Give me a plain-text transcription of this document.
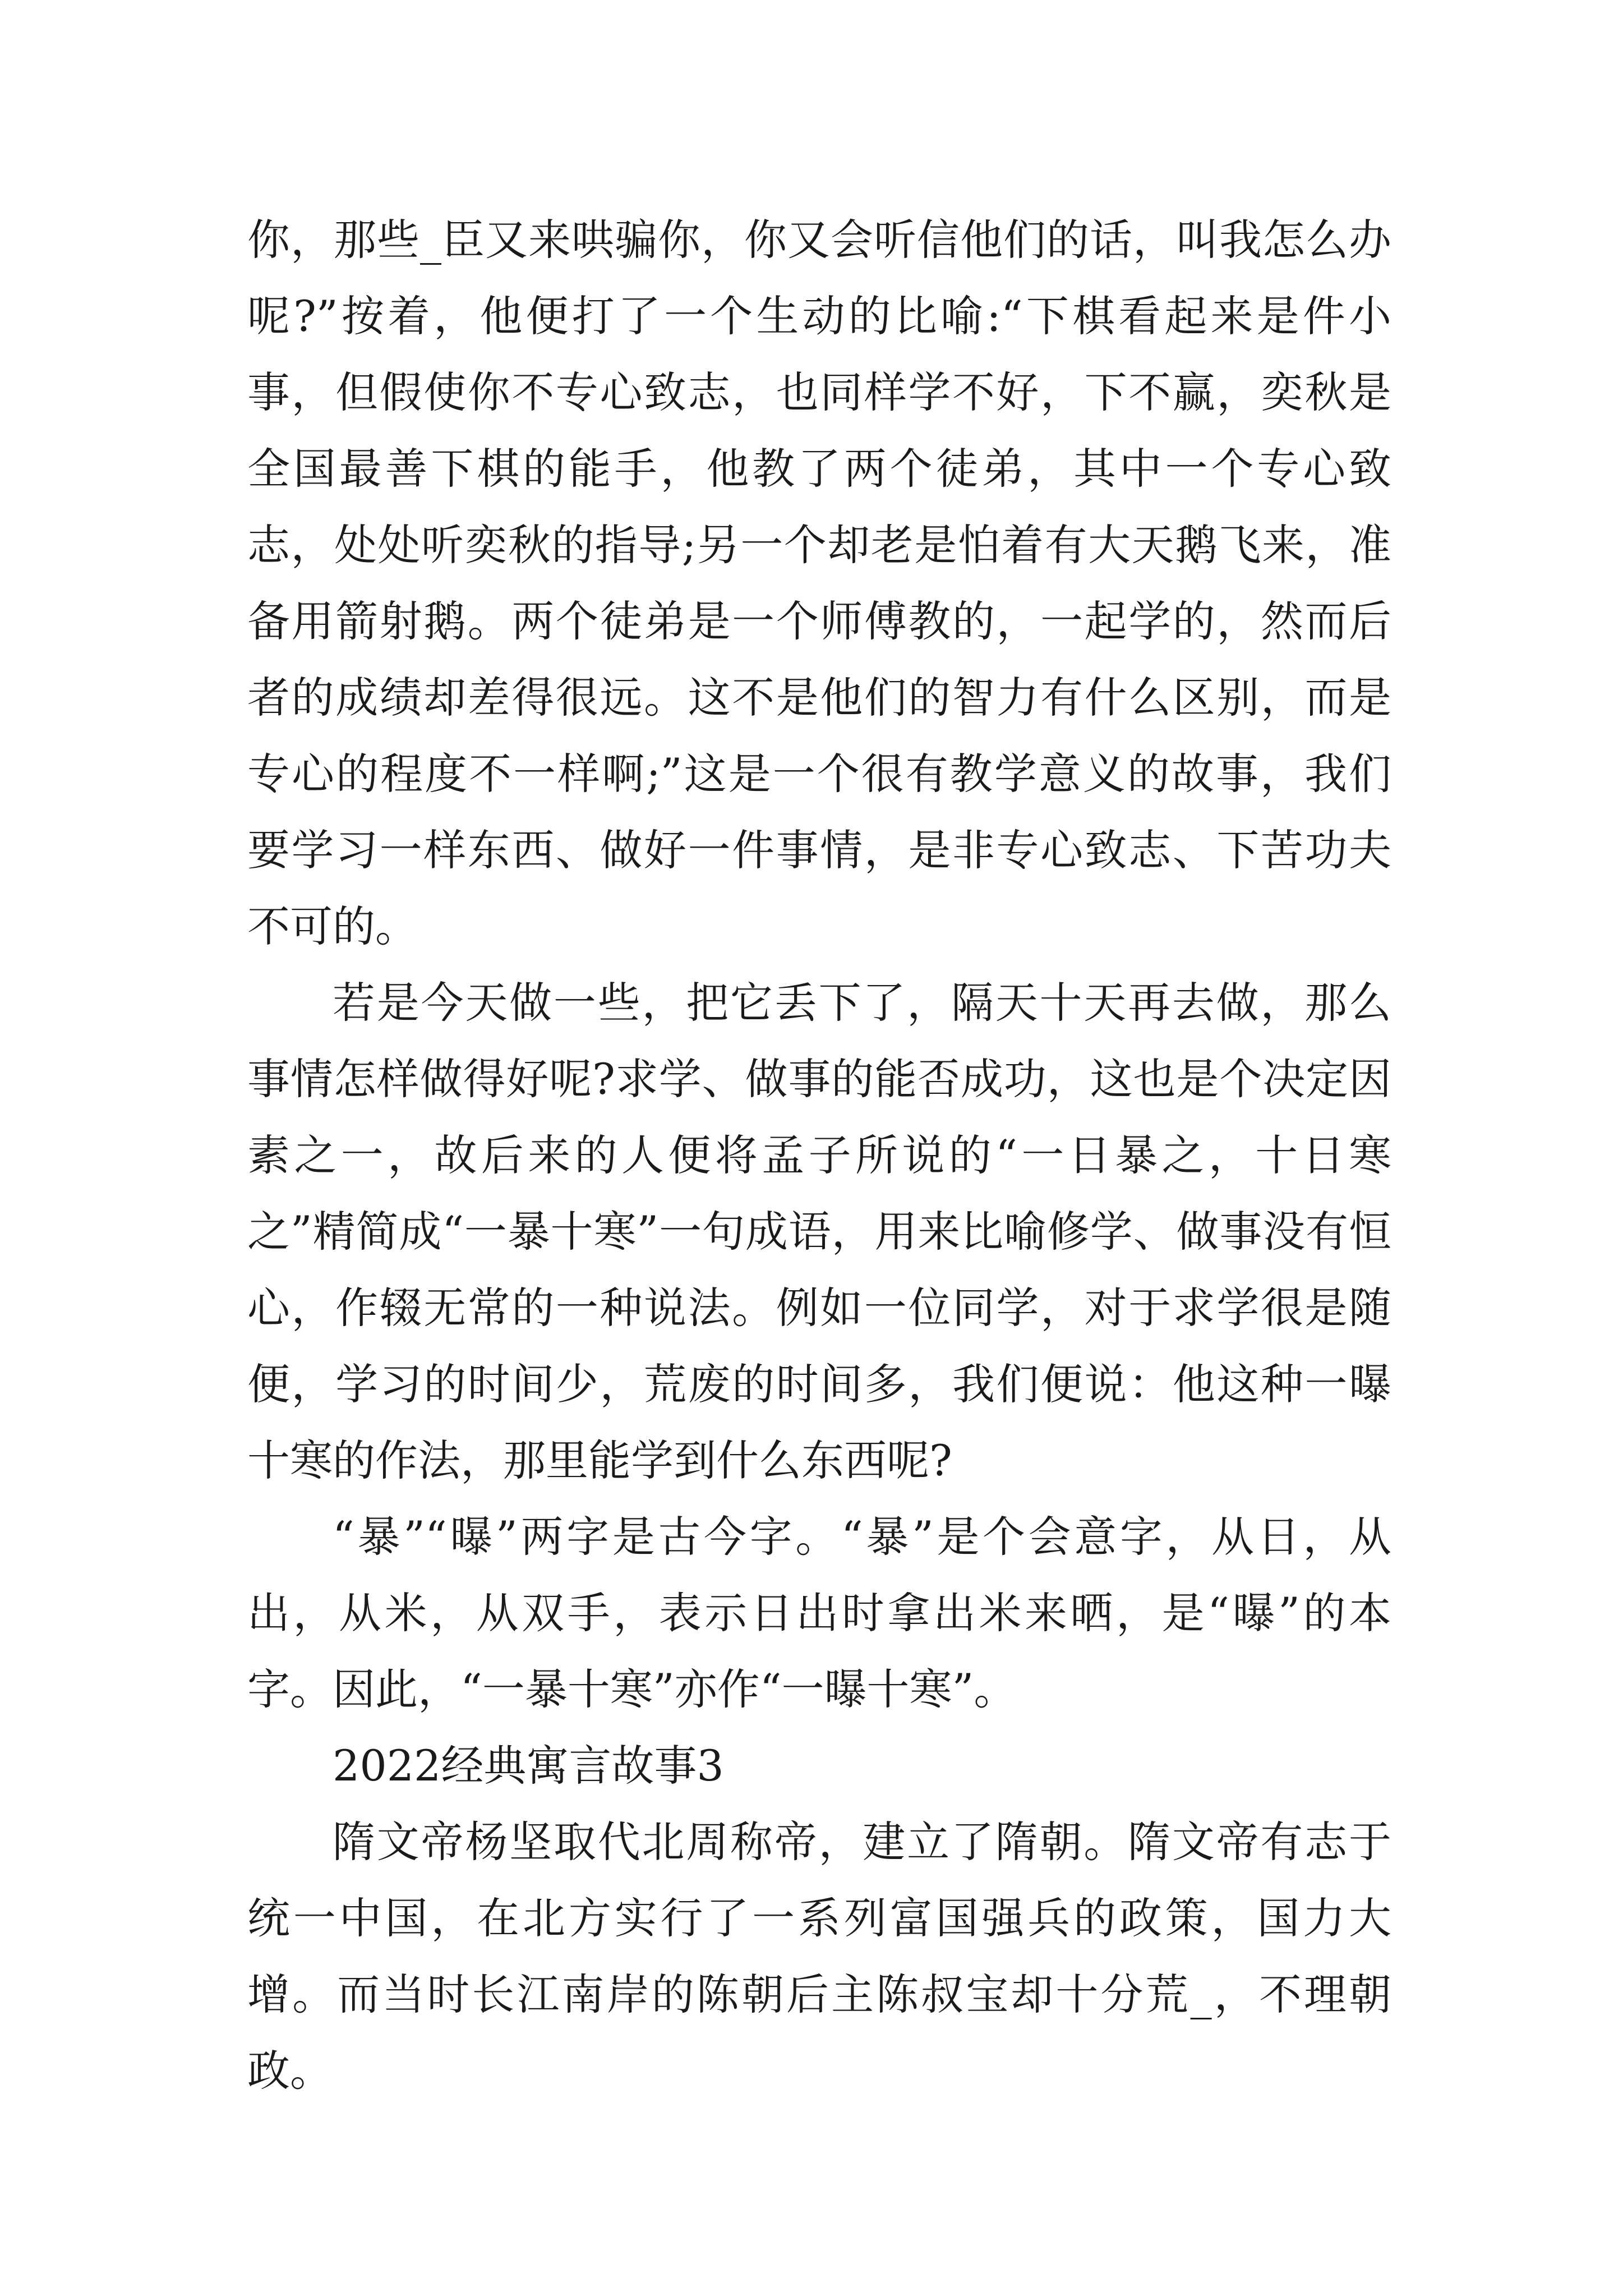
你，那些_臣又来哄骗你，你又会听信他们的话，叫我怎么办呢?”按着，他便打了一个生动的比喻:“下棋看起来是件小事，但假使你不专心致志，也同样学不好，下不赢，奕秋是全国最善下棋的能手，他教了两个徒弟，其中一个专心致志，处处听奕秋的指导;另一个却老是怕着有大天鹅飞来，准备用箭射鹅。两个徒弟是一个师傅教的，一起学的，然而后者的成绩却差得很远。这不是他们的智力有什么区别，而是专心的程度不一样啊;”这是一个很有教学意义的故事，我们要学习一样东西、做好一件事情，是非专心致志、下苦功夫不可的。

若是今天做一些，把它丢下了，隔天十天再去做，那么事情怎样做得好呢?求学、做事的能否成功，这也是个决定因素之一，故后来的人便将孟子所说的“一日暴之，十日寒之”精简成“一暴十寒”一句成语，用来比喻修学、做事没有恒心，作辍无常的一种说法。例如一位同学，对于求学很是随便，学习的时间少，荒废的时间多，我们便说：他这种一曝十寒的作法，那里能学到什么东西呢?

“暴”“曝”两字是古今字。“暴”是个会意字，从日，从出，从米，从双手，表示日出时拿出米来晒，是“曝”的本字。因此，“一暴十寒”亦作“一曝十寒”。

2022经典寓言故事3

隋文帝杨坚取代北周称帝，建立了隋朝。隋文帝有志于统一中国，在北方实行了一系列富国强兵的政策，国力大增。而当时长江南岸的陈朝后主陈叔宝却十分荒_，不理朝政。
